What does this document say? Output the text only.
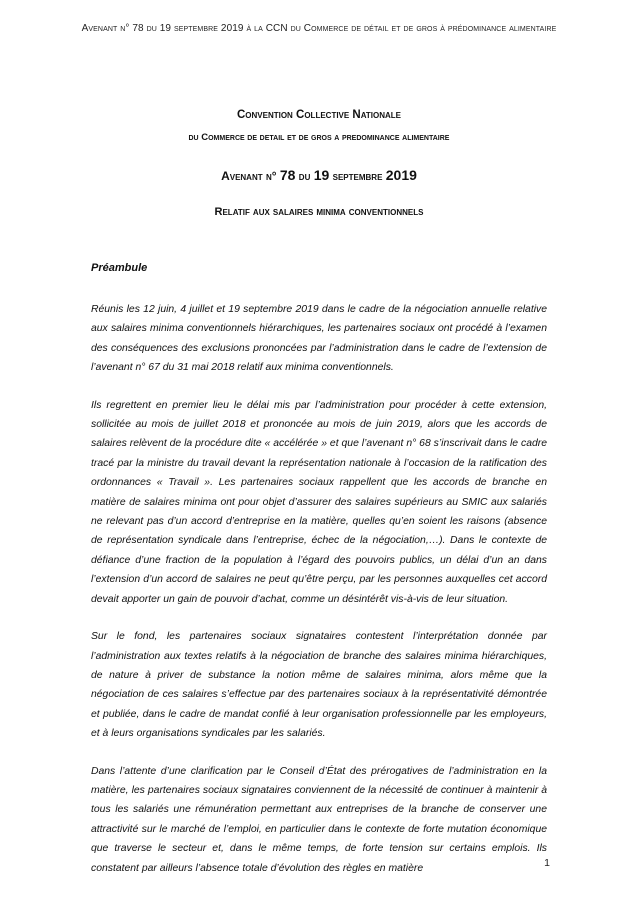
Avenant n° 78 du 19 septembre 2019 à la CCN du Commerce de détail et de gros à prédominance alimentaire
Convention Collective Nationale
du Commerce de detail et de gros a predominance alimentaire
Avenant n° 78 du 19 septembre 2019
Relatif aux salaires minima conventionnels
Préambule

Réunis les 12 juin, 4 juillet et 19 septembre 2019 dans le cadre de la négociation annuelle relative aux salaires minima conventionnels hiérarchiques, les partenaires sociaux ont procédé à l’examen des conséquences des exclusions prononcées par l’administration dans le cadre de l’extension de l’avenant n° 67 du 31 mai 2018 relatif aux minima conventionnels.

Ils regrettent en premier lieu le délai mis par l’administration pour procéder à cette extension, sollicitée au mois de juillet 2018 et prononcée au mois de juin 2019, alors que les accords de salaires relèvent de la procédure dite « accélérée » et que l’avenant n° 68 s’inscrivait dans le cadre tracé par la ministre du travail devant la représentation nationale à l’occasion de la ratification des ordonnances « Travail ». Les partenaires sociaux rappellent que les accords de branche en matière de salaires minima ont pour objet d’assurer des salaires supérieurs au SMIC aux salariés ne relevant pas d’un accord d’entreprise en la matière, quelles qu’en soient les raisons (absence de représentation syndicale dans l’entreprise, échec de la négociation,…). Dans le contexte de défiance d’une fraction de la population à l’égard des pouvoirs publics, un délai d’un an dans l’extension d’un accord de salaires ne peut qu’être perçu, par les personnes auxquelles cet accord devait apporter un gain de pouvoir d’achat, comme un désintérêt vis-à-vis de leur situation.

Sur le fond, les partenaires sociaux signataires contestent l’interprétation donnée par l’administration aux textes relatifs à la négociation de branche des salaires minima hiérarchiques, de nature à priver de substance la notion même de salaires minima, alors même que la négociation de ces salaires s’effectue par des partenaires sociaux à la représentativité démontrée et publiée, dans le cadre de mandat confié à leur organisation professionnelle par les employeurs, et à leurs organisations syndicales par les salariés.

Dans l’attente d’une clarification par le Conseil d’État des prérogatives de l’administration en la matière, les partenaires sociaux signataires conviennent de la nécessité de continuer à maintenir à tous les salariés une rémunération permettant aux entreprises de la branche de conserver une attractivité sur le marché de l’emploi, en particulier dans le contexte de forte mutation économique que traverse le secteur et, dans le même temps, de forte tension sur certains emplois. Ils constatent par ailleurs l’absence totale d’évolution des règles en matière	1
